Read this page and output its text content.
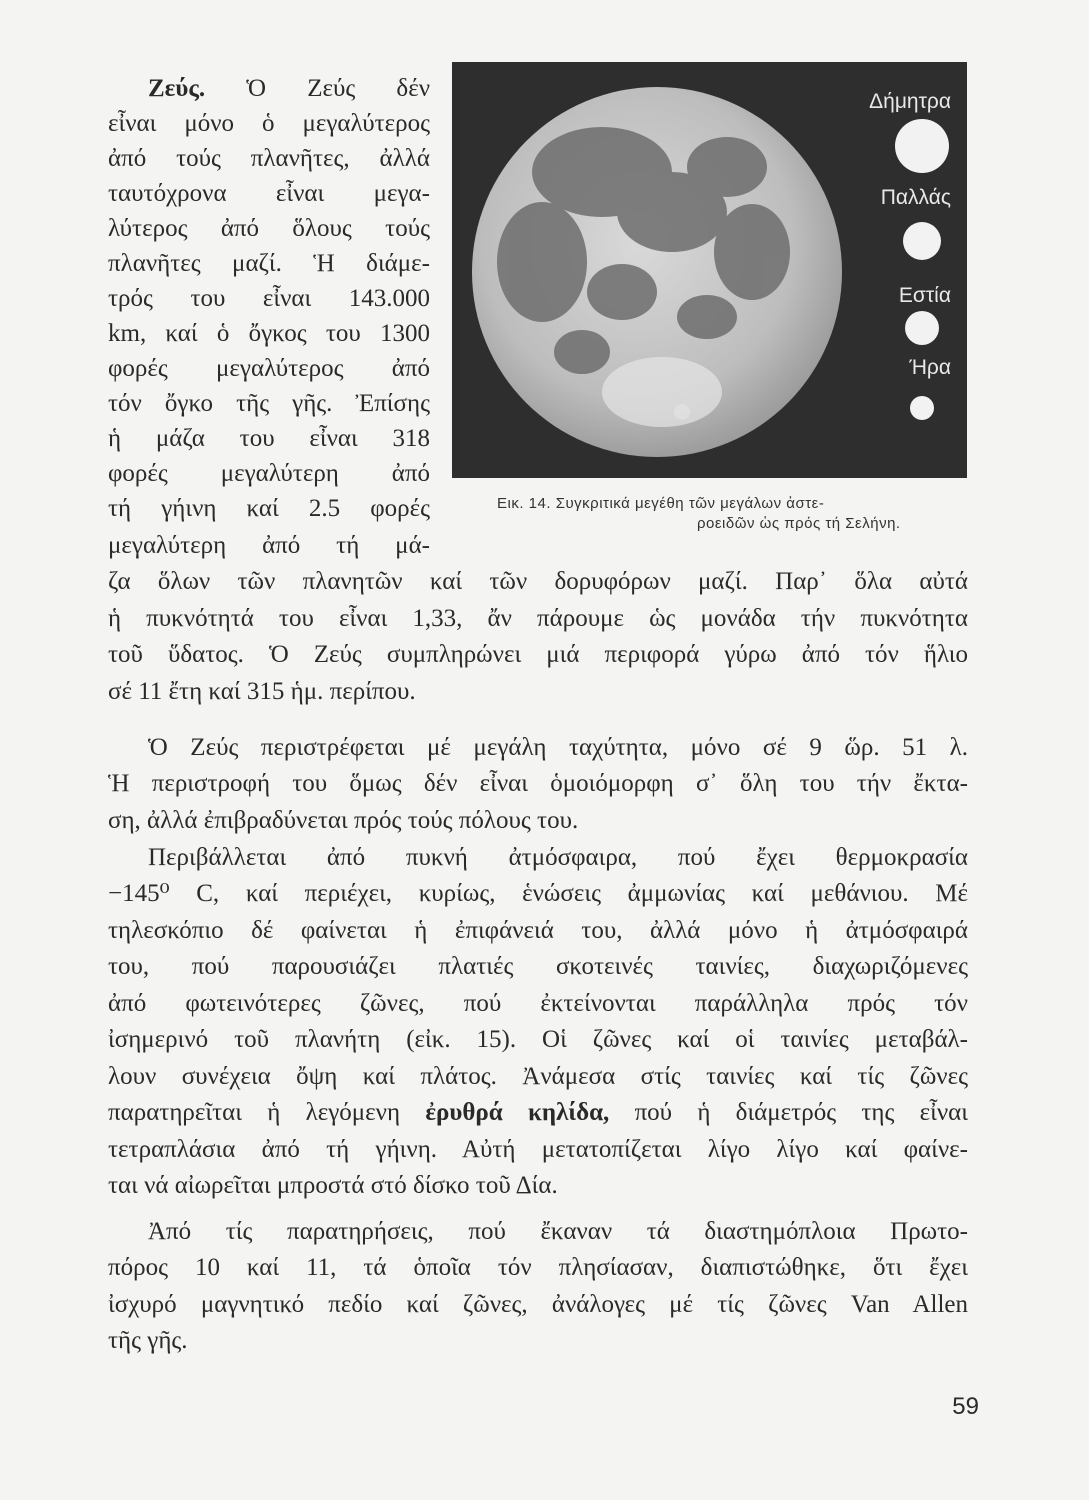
Δήμητρα
Παλλάς
Εστία
Ήρα
Εικ. 14. Συγκριτικά μεγέθη τῶν μεγάλων ἀστε-
ροειδῶν ὡς πρός τή Σελήνη.
Ζεύς. Ὁ Ζεύς δέν
εἶναι μόνο ὁ μεγαλύτερος
ἀπό τούς πλανῆτες, ἀλλά
ταυτόχρονα εἶναι μεγα-
λύτερος ἀπό ὅλους τούς
πλανῆτες μαζί. Ἡ διάμε-
τρός του εἶναι 143.000
km, καί ὁ ὄγκος του 1300
φορές μεγαλύτερος ἀπό
τόν ὄγκο τῆς γῆς. Ἐπίσης
ἡ μάζα του εἶναι 318
φορές μεγαλύτερη ἀπό
τή γήινη καί 2.5 φορές
μεγαλύτερη ἀπό τή μά-
ζα ὅλων τῶν πλανητῶν καί τῶν δορυφόρων μαζί. Παρ᾽ ὅλα αὐτά
ἡ πυκνότητά του εἶναι 1,33, ἄν πάρουμε ὡς μονάδα τήν πυκνότητα
τοῦ ὕδατος. Ὁ Ζεύς συμπληρώνει μιά περιφορά γύρω ἀπό τόν ἥλιο
σέ 11 ἔτη καί 315 ἡμ. περίπου.
Ὁ Ζεύς περιστρέφεται μέ μεγάλη ταχύτητα, μόνο σέ 9 ὥρ. 51 λ.
Ἡ περιστροφή του ὅμως δέν εἶναι ὁμοιόμορφη σ᾽ ὅλη του τήν ἔκτα-
ση, ἀλλά ἐπιβραδύνεται πρός τούς πόλους του.
Περιβάλλεται ἀπό πυκνή ἀτμόσφαιρα, πού ἔχει θερμοκρασία
−145⁰ C, καί περιέχει, κυρίως, ἑνώσεις ἀμμωνίας καί μεθάνιου. Μέ
τηλεσκόπιο δέ φαίνεται ἡ ἐπιφάνειά του, ἀλλά μόνο ἡ ἀτμόσφαιρά
του, πού παρουσιάζει πλατιές σκοτεινές ταινίες, διαχωριζόμενες
ἀπό φωτεινότερες ζῶνες, πού ἐκτείνονται παράλληλα πρός τόν
ἰσημερινό τοῦ πλανήτη (εἰκ. 15). Οἱ ζῶνες καί οἱ ταινίες μεταβάλ-
λουν συνέχεια ὄψη καί πλάτος. Ἀνάμεσα στίς ταινίες καί τίς ζῶνες
παρατηρεῖται ἡ λεγόμενη ἐρυθρά κηλίδα, πού ἡ διάμετρός της εἶναι
τετραπλάσια ἀπό τή γήινη. Αὐτή μετατοπίζεται λίγο λίγο καί φαίνε-
ται νά αἰωρεῖται μπροστά στό δίσκο τοῦ Δία.
Ἀπό τίς παρατηρήσεις, πού ἔκαναν τά διαστημόπλοια Πρωτο-
πόρος 10 καί 11, τά ὁποῖα τόν πλησίασαν, διαπιστώθηκε, ὅτι ἔχει
ἰσχυρό μαγνητικό πεδίο καί ζῶνες, ἀνάλογες μέ τίς ζῶνες Van Allen
τῆς γῆς.
59
